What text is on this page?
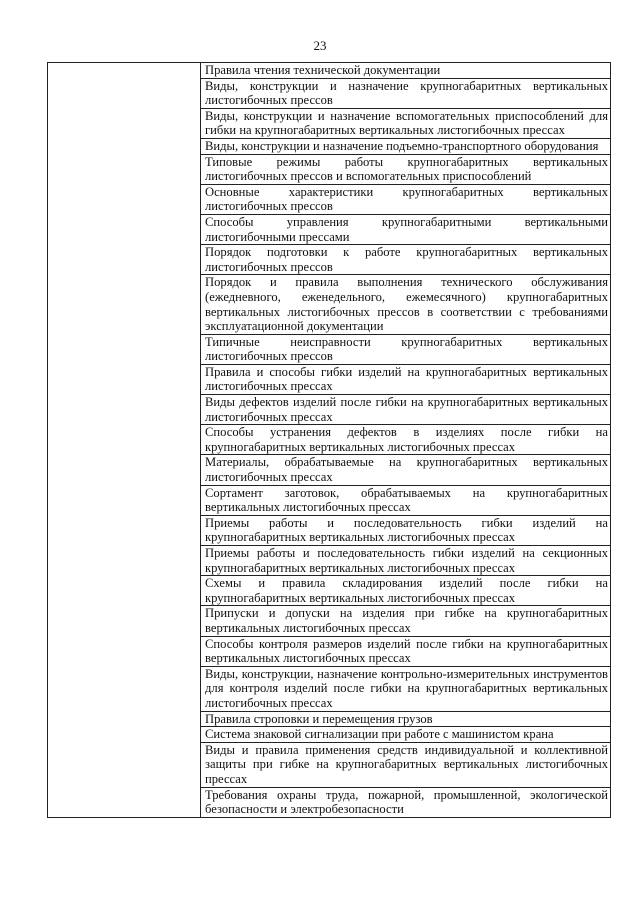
23
	Правила чтения технической документации
	Виды, конструкции и назначение крупногабаритных вертикальных листогибочных прессов
	Виды, конструкции и назначение вспомогательных приспособлений для гибки на крупногабаритных вертикальных листогибочных прессах
	Виды, конструкции и назначение подъемно-транспортного оборудования
	Типовые режимы работы крупногабаритных вертикальных листогибочных прессов и вспомогательных приспособлений
	Основные характеристики крупногабаритных вертикальных листогибочных прессов
	Способы управления крупногабаритными вертикальными листогибочными прессами
	Порядок подготовки к работе крупногабаритных вертикальных листогибочных прессов
	Порядок и правила выполнения технического обслуживания (ежедневного, еженедельного, ежемесячного) крупногабаритных вертикальных листогибочных прессов в соответствии с требованиями эксплуатационной документации
	Типичные неисправности крупногабаритных вертикальных листогибочных прессов
	Правила и способы гибки изделий на крупногабаритных вертикальных листогибочных прессах
	Виды дефектов изделий после гибки на крупногабаритных вертикальных листогибочных прессах
	Способы устранения дефектов в изделиях после гибки на крупногабаритных вертикальных листогибочных прессах
	Материалы, обрабатываемые на крупногабаритных вертикальных листогибочных прессах
	Сортамент заготовок, обрабатываемых на крупногабаритных вертикальных листогибочных прессах
	Приемы работы и последовательность гибки изделий на крупногабаритных вертикальных листогибочных прессах
	Приемы работы и последовательность гибки изделий на секционных крупногабаритных вертикальных листогибочных прессах
	Схемы и правила складирования изделий после гибки на крупногабаритных вертикальных листогибочных прессах
	Припуски и допуски на изделия при гибке на крупногабаритных вертикальных листогибочных прессах
	Способы контроля размеров изделий после гибки на крупногабаритных вертикальных листогибочных прессах
	Виды, конструкции, назначение контрольно-измерительных инструментов для контроля изделий после гибки на крупногабаритных вертикальных листогибочных прессах
	Правила строповки и перемещения грузов
	Система знаковой сигнализации при работе с машинистом крана
	Виды и правила применения средств индивидуальной и коллективной защиты при гибке на крупногабаритных вертикальных листогибочных прессах
	Требования охраны труда, пожарной, промышленной, экологической безопасности и электробезопасности
